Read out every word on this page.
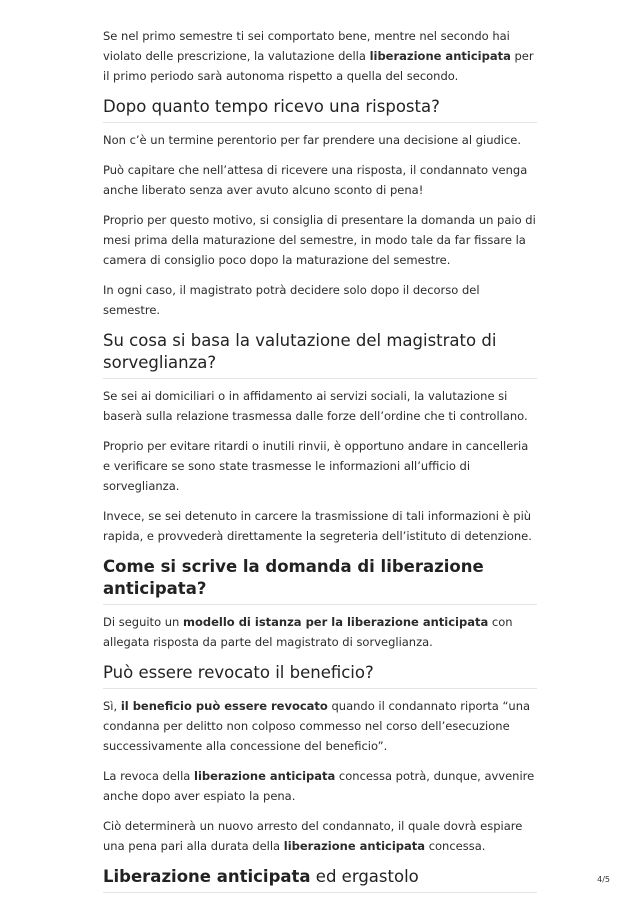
Se nel primo semestre ti sei comportato bene, mentre nel secondo hai violato delle prescrizione, la valutazione della liberazione anticipata per il primo periodo sarà autonoma rispetto a quella del secondo.

Dopo quanto tempo ricevo una risposta?

Non c’è un termine perentorio per far prendere una decisione al giudice.

Può capitare che nell’attesa di ricevere una risposta, il condannato venga anche liberato senza aver avuto alcuno sconto di pena!

Proprio per questo motivo, si consiglia di presentare la domanda un paio di mesi prima della maturazione del semestre, in modo tale da far fissare la camera di consiglio poco dopo la maturazione del semestre.

In ogni caso, il magistrato potrà decidere solo dopo il decorso del semestre.

Su cosa si basa la valutazione del magistrato di sorveglianza?

Se sei ai domiciliari o in affidamento ai servizi sociali, la valutazione si baserà sulla relazione trasmessa dalle forze dell’ordine che ti controllano.

Proprio per evitare ritardi o inutili rinvii, è opportuno andare in cancelleria e verificare se sono state trasmesse le informazioni all’ufficio di sorveglianza.

Invece, se sei detenuto in carcere la trasmissione di tali informazioni è più rapida, e provvederà direttamente la segreteria dell’istituto di detenzione.

Come si scrive la domanda di liberazione anticipata?

Di seguito un modello di istanza per la liberazione anticipata con allegata risposta da parte del magistrato di sorveglianza.

Può essere revocato il beneficio?

Sì, il beneficio può essere revocato quando il condannato riporta “una condanna per delitto non colposo commesso nel corso dell’esecuzione successivamente alla concessione del beneficio”.

La revoca della liberazione anticipata concessa potrà, dunque, avvenire anche dopo aver espiato la pena.

Ciò determinerà un nuovo arresto del condannato, il quale dovrà espiare una pena pari alla durata della liberazione anticipata concessa.

Liberazione anticipata ed ergastolo	4/5
